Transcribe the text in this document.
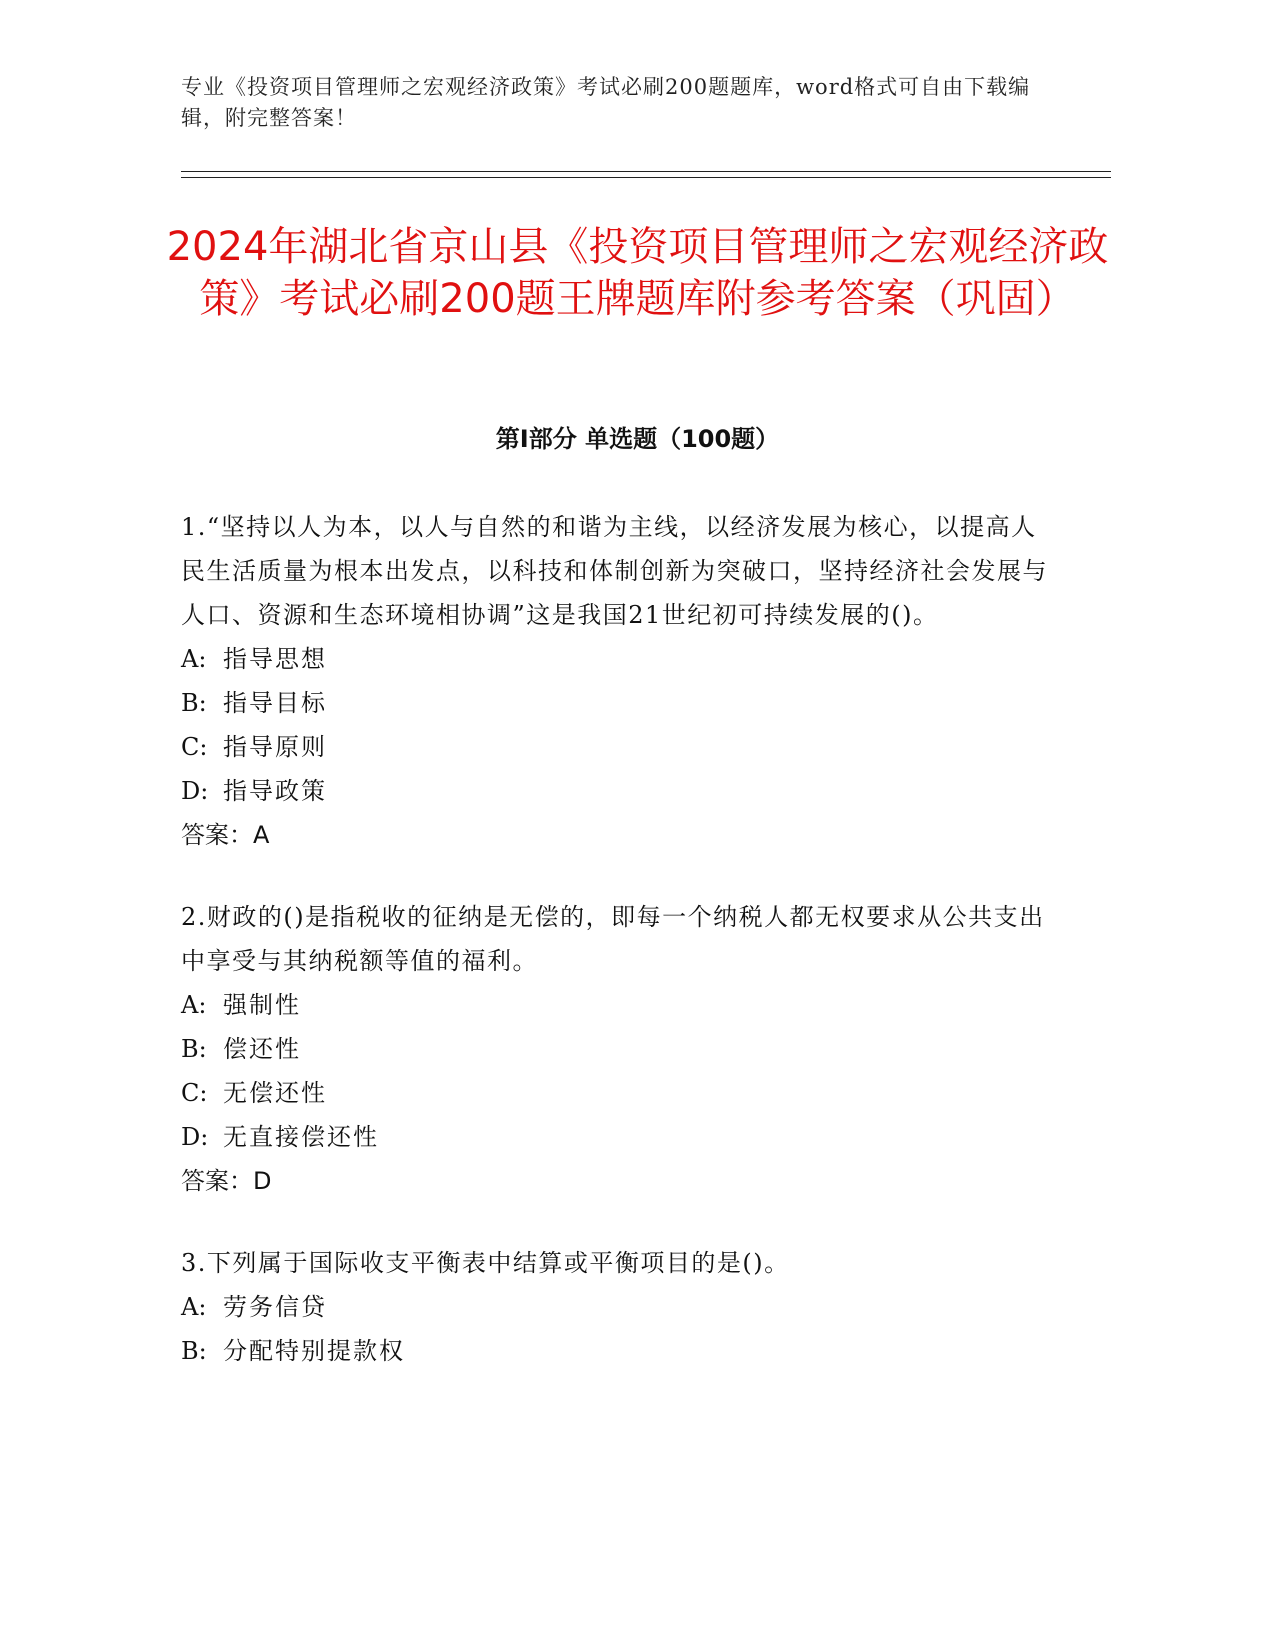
专业《投资项目管理师之宏观经济政策》考试必刷200题题库，word格式可自由下载编辑，附完整答案！
2024年湖北省京山县《投资项目管理师之宏观经济政策》考试必刷200题王牌题库附参考答案（巩固）
第I部分 单选题（100题）

1.“坚持以人为本，以人与自然的和谐为主线，以经济发展为核心，以提高人民生活质量为根本出发点，以科技和体制创新为突破口，坚持经济社会发展与人口、资源和生态环境相协调”这是我国21世纪初可持续发展的()。

A: 指导思想

B: 指导目标

C: 指导原则

D: 指导政策

答案：A

2.财政的()是指税收的征纳是无偿的，即每一个纳税人都无权要求从公共支出中享受与其纳税额等值的福利。

A: 强制性

B: 偿还性

C: 无偿还性

D: 无直接偿还性

答案：D

3.下列属于国际收支平衡表中结算或平衡项目的是()。

A: 劳务信贷

B: 分配特别提款权
